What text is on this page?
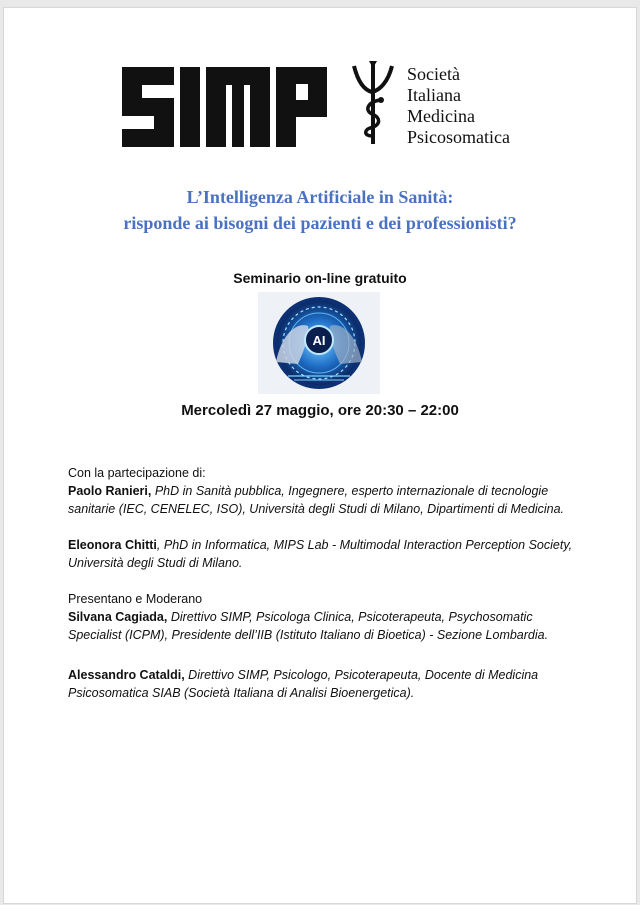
Società
Italiana
Medicina
Psicosomatica
L’Intelligenza Artificiale in Sanità:
risponde ai bisogni dei pazienti e dei professionisti?
Seminario on-line gratuito
AI
Mercoledì 27 maggio, ore 20:30 – 22:00

Con la partecipazione di:

Paolo Ranieri, PhD in Sanità pubblica, Ingegnere, esperto internazionale di tecnologie sanitarie (IEC, CENELEC, ISO), Università degli Studi di Milano, Dipartimenti di Medicina.

Eleonora Chitti, PhD in Informatica, MIPS Lab - Multimodal Interaction Perception Society, Università degli Studi di Milano.

Presentano e Moderano

Silvana Cagiada, Direttivo SIMP, Psicologa Clinica, Psicoterapeuta, Psychosomatic Specialist (ICPM), Presidente dell’IIB (Istituto Italiano di Bioetica) - Sezione Lombardia.

Alessandro Cataldi, Direttivo SIMP, Psicologo, Psicoterapeuta, Docente di Medicina Psicosomatica SIAB (Società Italiana di Analisi Bioenergetica).
